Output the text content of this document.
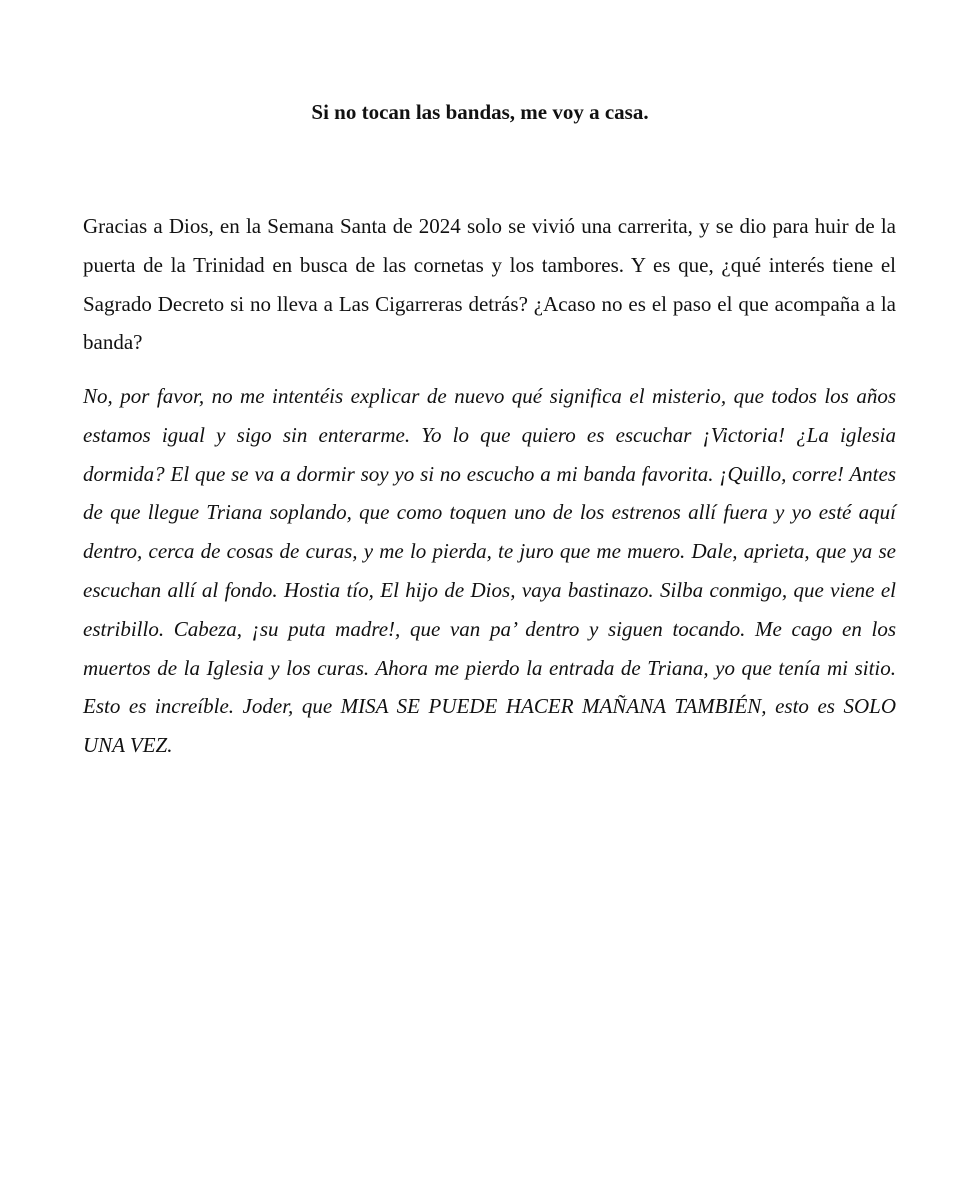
Si no tocan las bandas, me voy a casa.

Gracias a Dios, en la Semana Santa de 2024 solo se vivió una carrerita, y se dio para huir de la puerta de la Trinidad en busca de las cornetas y los tambores. Y es que, ¿qué interés tiene el Sagrado Decreto si no lleva a Las Cigarreras detrás? ¿Acaso no es el paso el que acompaña a la banda?

No, por favor, no me intentéis explicar de nuevo qué significa el misterio, que todos los años estamos igual y sigo sin enterarme. Yo lo que quiero es escuchar ¡Victoria! ¿La iglesia dormida? El que se va a dormir soy yo si no escucho a mi banda favorita. ¡Quillo, corre! Antes de que llegue Triana soplando, que como toquen uno de los estrenos allí fuera y yo esté aquí dentro, cerca de cosas de curas, y me lo pierda, te juro que me muero. Dale, aprieta, que ya se escuchan allí al fondo. Hostia tío, El hijo de Dios, vaya bastinazo. Silba conmigo, que viene el estribillo. Cabeza, ¡su puta madre!, que van pa’ dentro y siguen tocando. Me cago en los muertos de la Iglesia y los curas. Ahora me pierdo la entrada de Triana, yo que tenía mi sitio. Esto es increíble. Joder, que MISA SE PUEDE HACER MAÑANA TAMBIÉN, esto es SOLO UNA VEZ.
